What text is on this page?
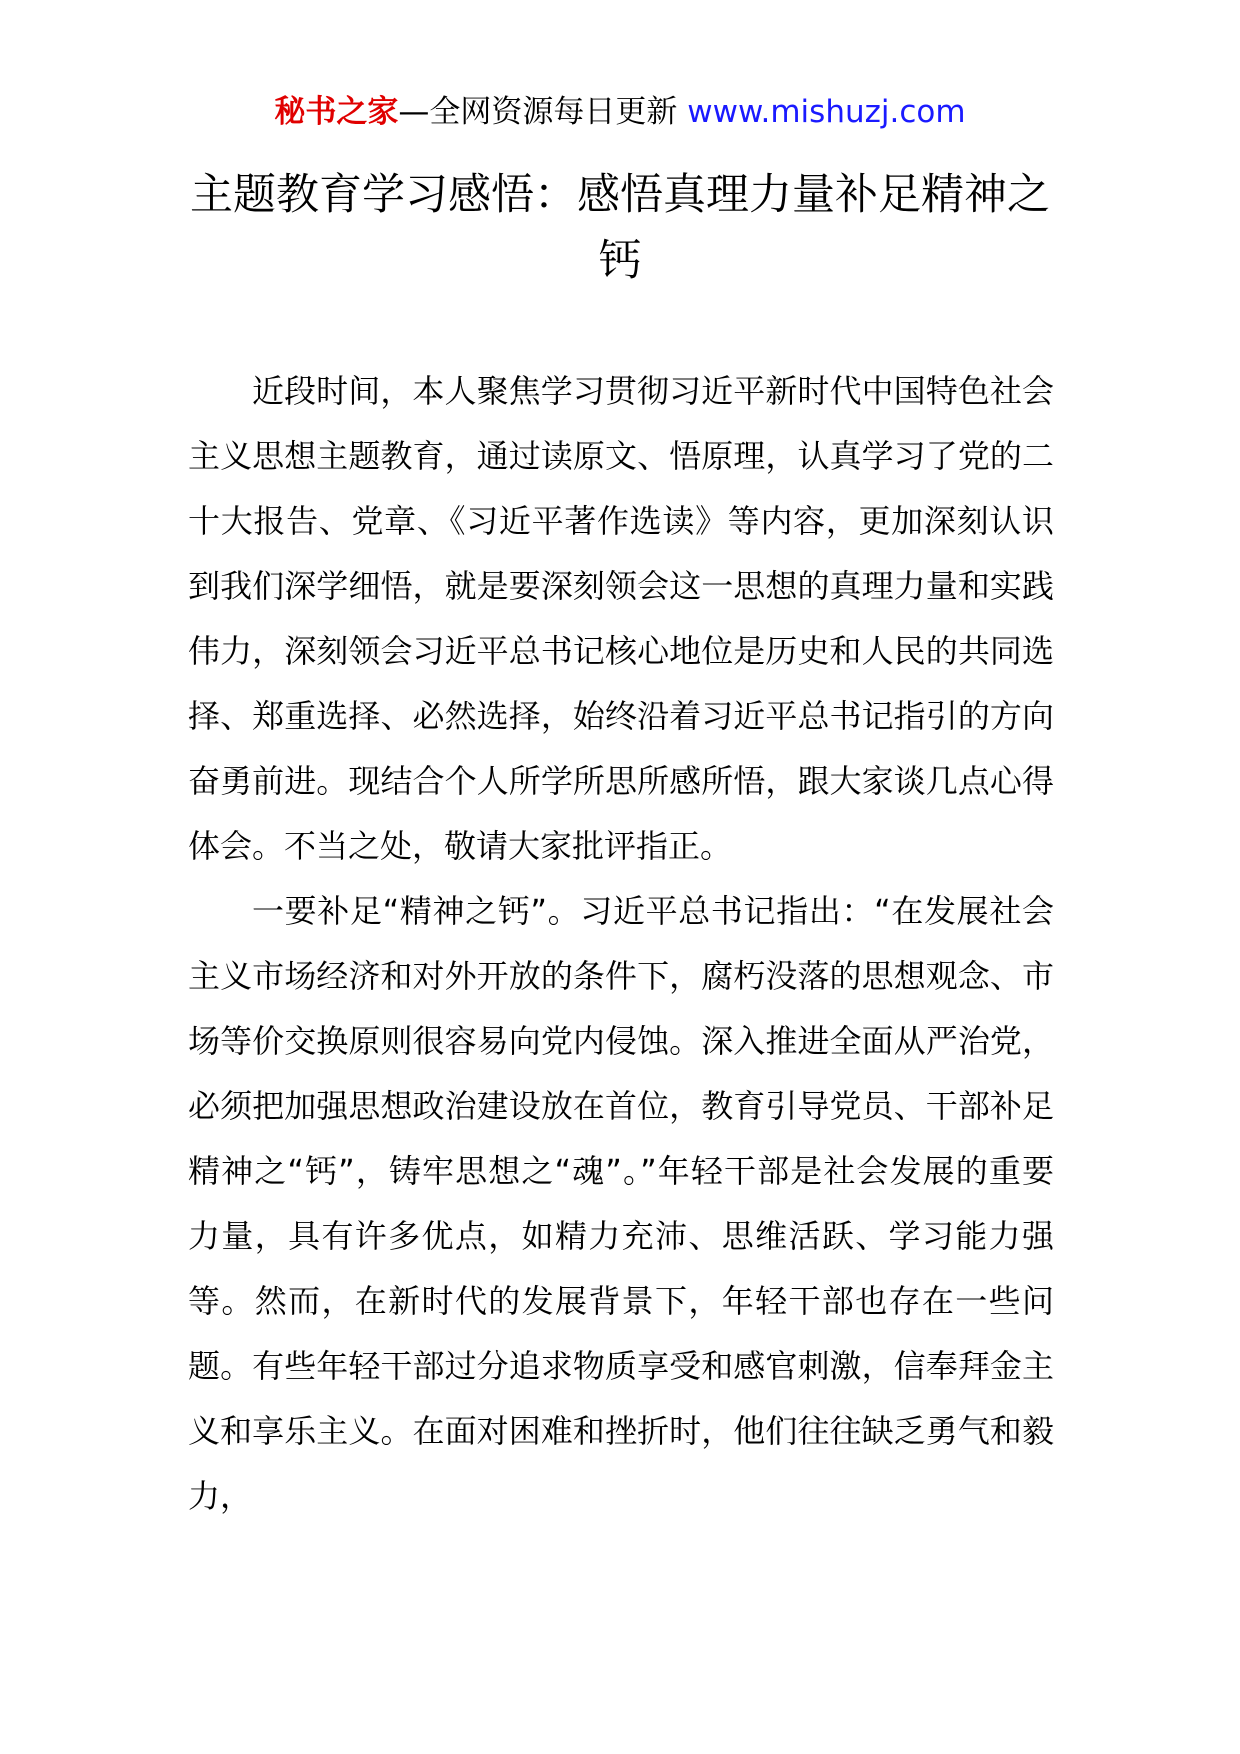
秘书之家—全网资源每日更新 www.mishuzj.com
主题教育学习感悟：感悟真理力量补足精神之钙

近段时间，本人聚焦学习贯彻习近平新时代中国特色社会主义思想主题教育，通过读原文、悟原理，认真学习了党的二十大报告、党章、《习近平著作选读》等内容，更加深刻认识到我们深学细悟，就是要深刻领会这一思想的真理力量和实践伟力，深刻领会习近平总书记核心地位是历史和人民的共同选择、郑重选择、必然选择，始终沿着习近平总书记指引的方向奋勇前进。现结合个人所学所思所感所悟，跟大家谈几点心得体会。不当之处，敬请大家批评指正。

一要补足“精神之钙”。习近平总书记指出：“在发展社会主义市场经济和对外开放的条件下，腐朽没落的思想观念、市场等价交换原则很容易向党内侵蚀。深入推进全面从严治党，必须把加强思想政治建设放在首位，教育引导党员、干部补足精神之“钙”，铸牢思想之“魂”。”年轻干部是社会发展的重要力量，具有许多优点，如精力充沛、思维活跃、学习能力强等。然而，在新时代的发展背景下，年轻干部也存在一些问题。有些年轻干部过分追求物质享受和感官刺激，信奉拜金主义和享乐主义。在面对困难和挫折时，他们往往缺乏勇气和毅力，
